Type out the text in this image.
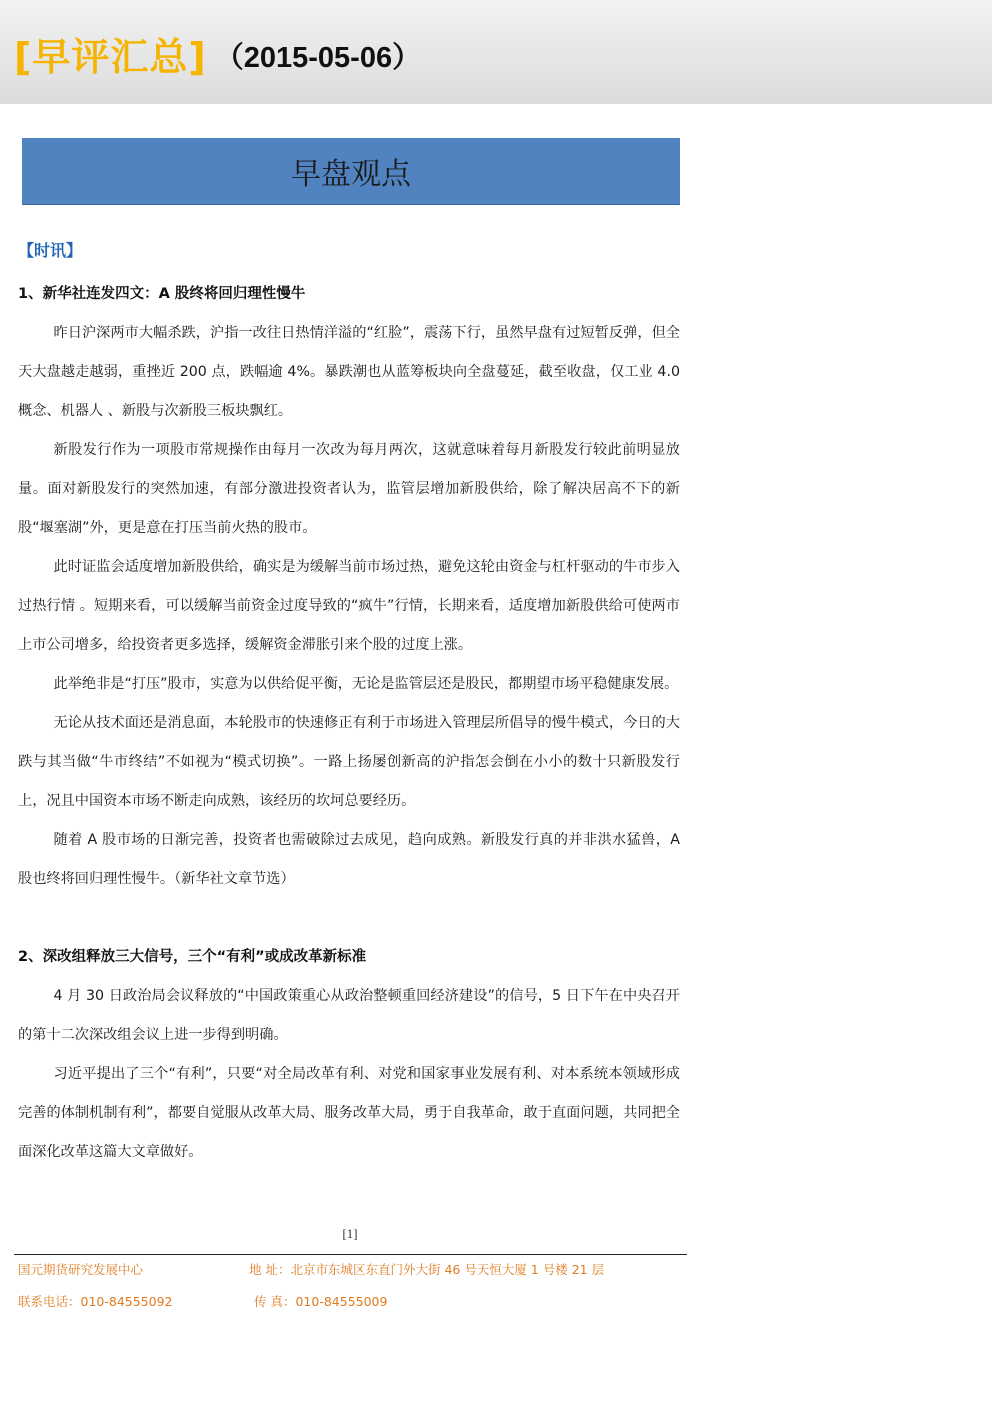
[早评汇总] （2015-05-06）
早盘观点
【时讯】

1、新华社连发四文：A 股终将回归理性慢牛

昨日沪深两市大幅杀跌，沪指一改往日热情洋溢的“红脸”，震荡下行，虽然早盘有过短暂反弹，但全天大盘越走越弱，重挫近 200 点，跌幅逾 4%。暴跌潮也从蓝筹板块向全盘蔓延，截至收盘，仅工业 4.0 概念、机器人 、新股与次新股三板块飘红。

新股发行作为一项股市常规操作由每月一次改为每月两次，这就意味着每月新股发行较此前明显放量。面对新股发行的突然加速，有部分激进投资者认为，监管层增加新股供给，除了解决居高不下的新股“堰塞湖”外，更是意在打压当前火热的股市。

此时证监会适度增加新股供给，确实是为缓解当前市场过热，避免这轮由资金与杠杆驱动的牛市步入过热行情 。短期来看，可以缓解当前资金过度导致的“疯牛”行情，长期来看，适度增加新股供给可使两市上市公司增多，给投资者更多选择，缓解资金滞胀引来个股的过度上涨。

此举绝非是“打压”股市，实意为以供给促平衡，无论是监管层还是股民，都期望市场平稳健康发展。

无论从技术面还是消息面，本轮股市的快速修正有利于市场进入管理层所倡导的慢牛模式，今日的大跌与其当做“牛市终结”不如视为“模式切换”。一路上扬屡创新高的沪指怎会倒在小小的数十只新股发行上，况且中国资本市场不断走向成熟，该经历的坎坷总要经历。

随着 A 股市场的日渐完善，投资者也需破除过去成见，趋向成熟。新股发行真的并非洪水猛兽，A 股也终将回归理性慢牛。（新华社文章节选）

2、深改组释放三大信号，三个“有利”或成改革新标准

4 月 30 日政治局会议释放的“中国政策重心从政治整顿重回经济建设”的信号，5 日下午在中央召开的第十二次深改组会议上进一步得到明确。

习近平提出了三个“有利”，只要“对全局改革有利、对党和国家事业发展有利、对本系统本领域形成完善的体制机制有利”，都要自觉服从改革大局、服务改革大局，勇于自我革命，敢于直面问题，共同把全面深化改革这篇大文章做好。

[1]
国元期货研究发展中心	地 址：北京市东城区东直门外大街 46 号天恒大厦 1 号楼 21 层
联系电话：010-84555092	传 真：010-84555009
